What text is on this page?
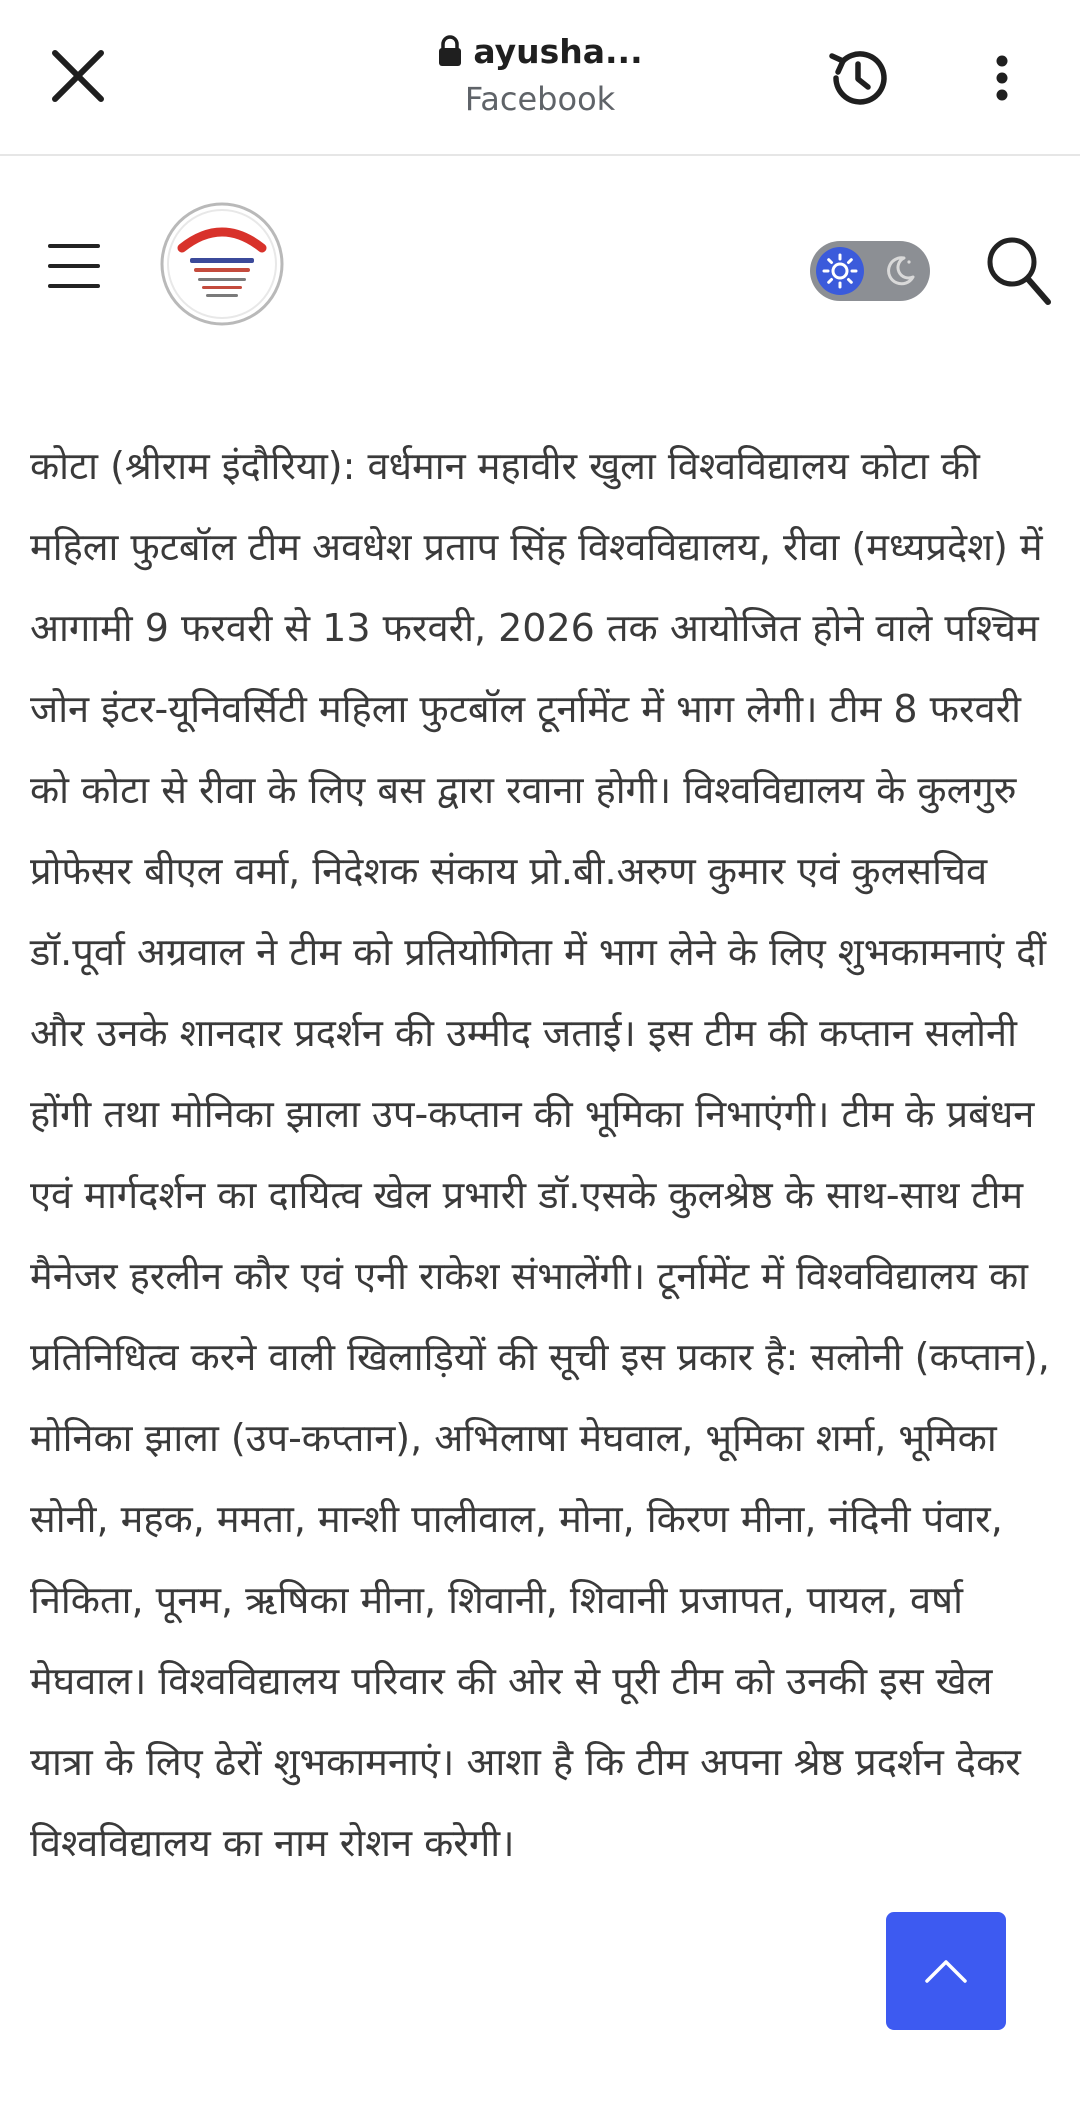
ayusha...
Facebook

कोटा (श्रीराम इंदौरिया): वर्धमान महावीर खुला विश्वविद्यालय कोटा की महिला फुटबॉल टीम अवधेश प्रताप सिंह विश्वविद्यालय, रीवा (मध्यप्रदेश) में आगामी 9 फरवरी से 13 फरवरी, 2026 तक आयोजित होने वाले पश्चिम जोन इंटर-यूनिवर्सिटी महिला फुटबॉल टूर्नामेंट में भाग लेगी। टीम 8 फरवरी को कोटा से रीवा के लिए बस द्वारा रवाना होगी। विश्वविद्यालय के कुलगुरु प्रोफेसर बीएल वर्मा, निदेशक संकाय प्रो.बी.अरुण कुमार एवं कुलसचिव डॉ.पूर्वा अग्रवाल ने टीम को प्रतियोगिता में भाग लेने के लिए शुभकामनाएं दीं और उनके शानदार प्रदर्शन की उम्मीद जताई। इस टीम की कप्तान सलोनी होंगी तथा मोनिका झाला उप-कप्तान की भूमिका निभाएंगी। टीम के प्रबंधन एवं मार्गदर्शन का दायित्व खेल प्रभारी डॉ.एसके कुलश्रेष्ठ के साथ-साथ टीम मैनेजर हरलीन कौर एवं एनी राकेश संभालेंगी। टूर्नामेंट में विश्वविद्यालय का प्रतिनिधित्व करने वाली खिलाड़ियों की सूची इस प्रकार है: सलोनी (कप्तान), मोनिका झाला (उप-कप्तान), अभिलाषा मेघवाल, भूमिका शर्मा, भूमिका सोनी, महक, ममता, मान्शी पालीवाल, मोना, किरण मीना, नंदिनी पंवार, निकिता, पूनम, ऋषिका मीना, शिवानी, शिवानी प्रजापत, पायल, वर्षा मेघवाल। विश्वविद्यालय परिवार की ओर से पूरी टीम को उनकी इस खेल यात्रा के लिए ढेरों शुभकामनाएं। आशा है कि टीम अपना श्रेष्ठ प्रदर्शन देकर विश्वविद्यालय का नाम रोशन करेगी।
